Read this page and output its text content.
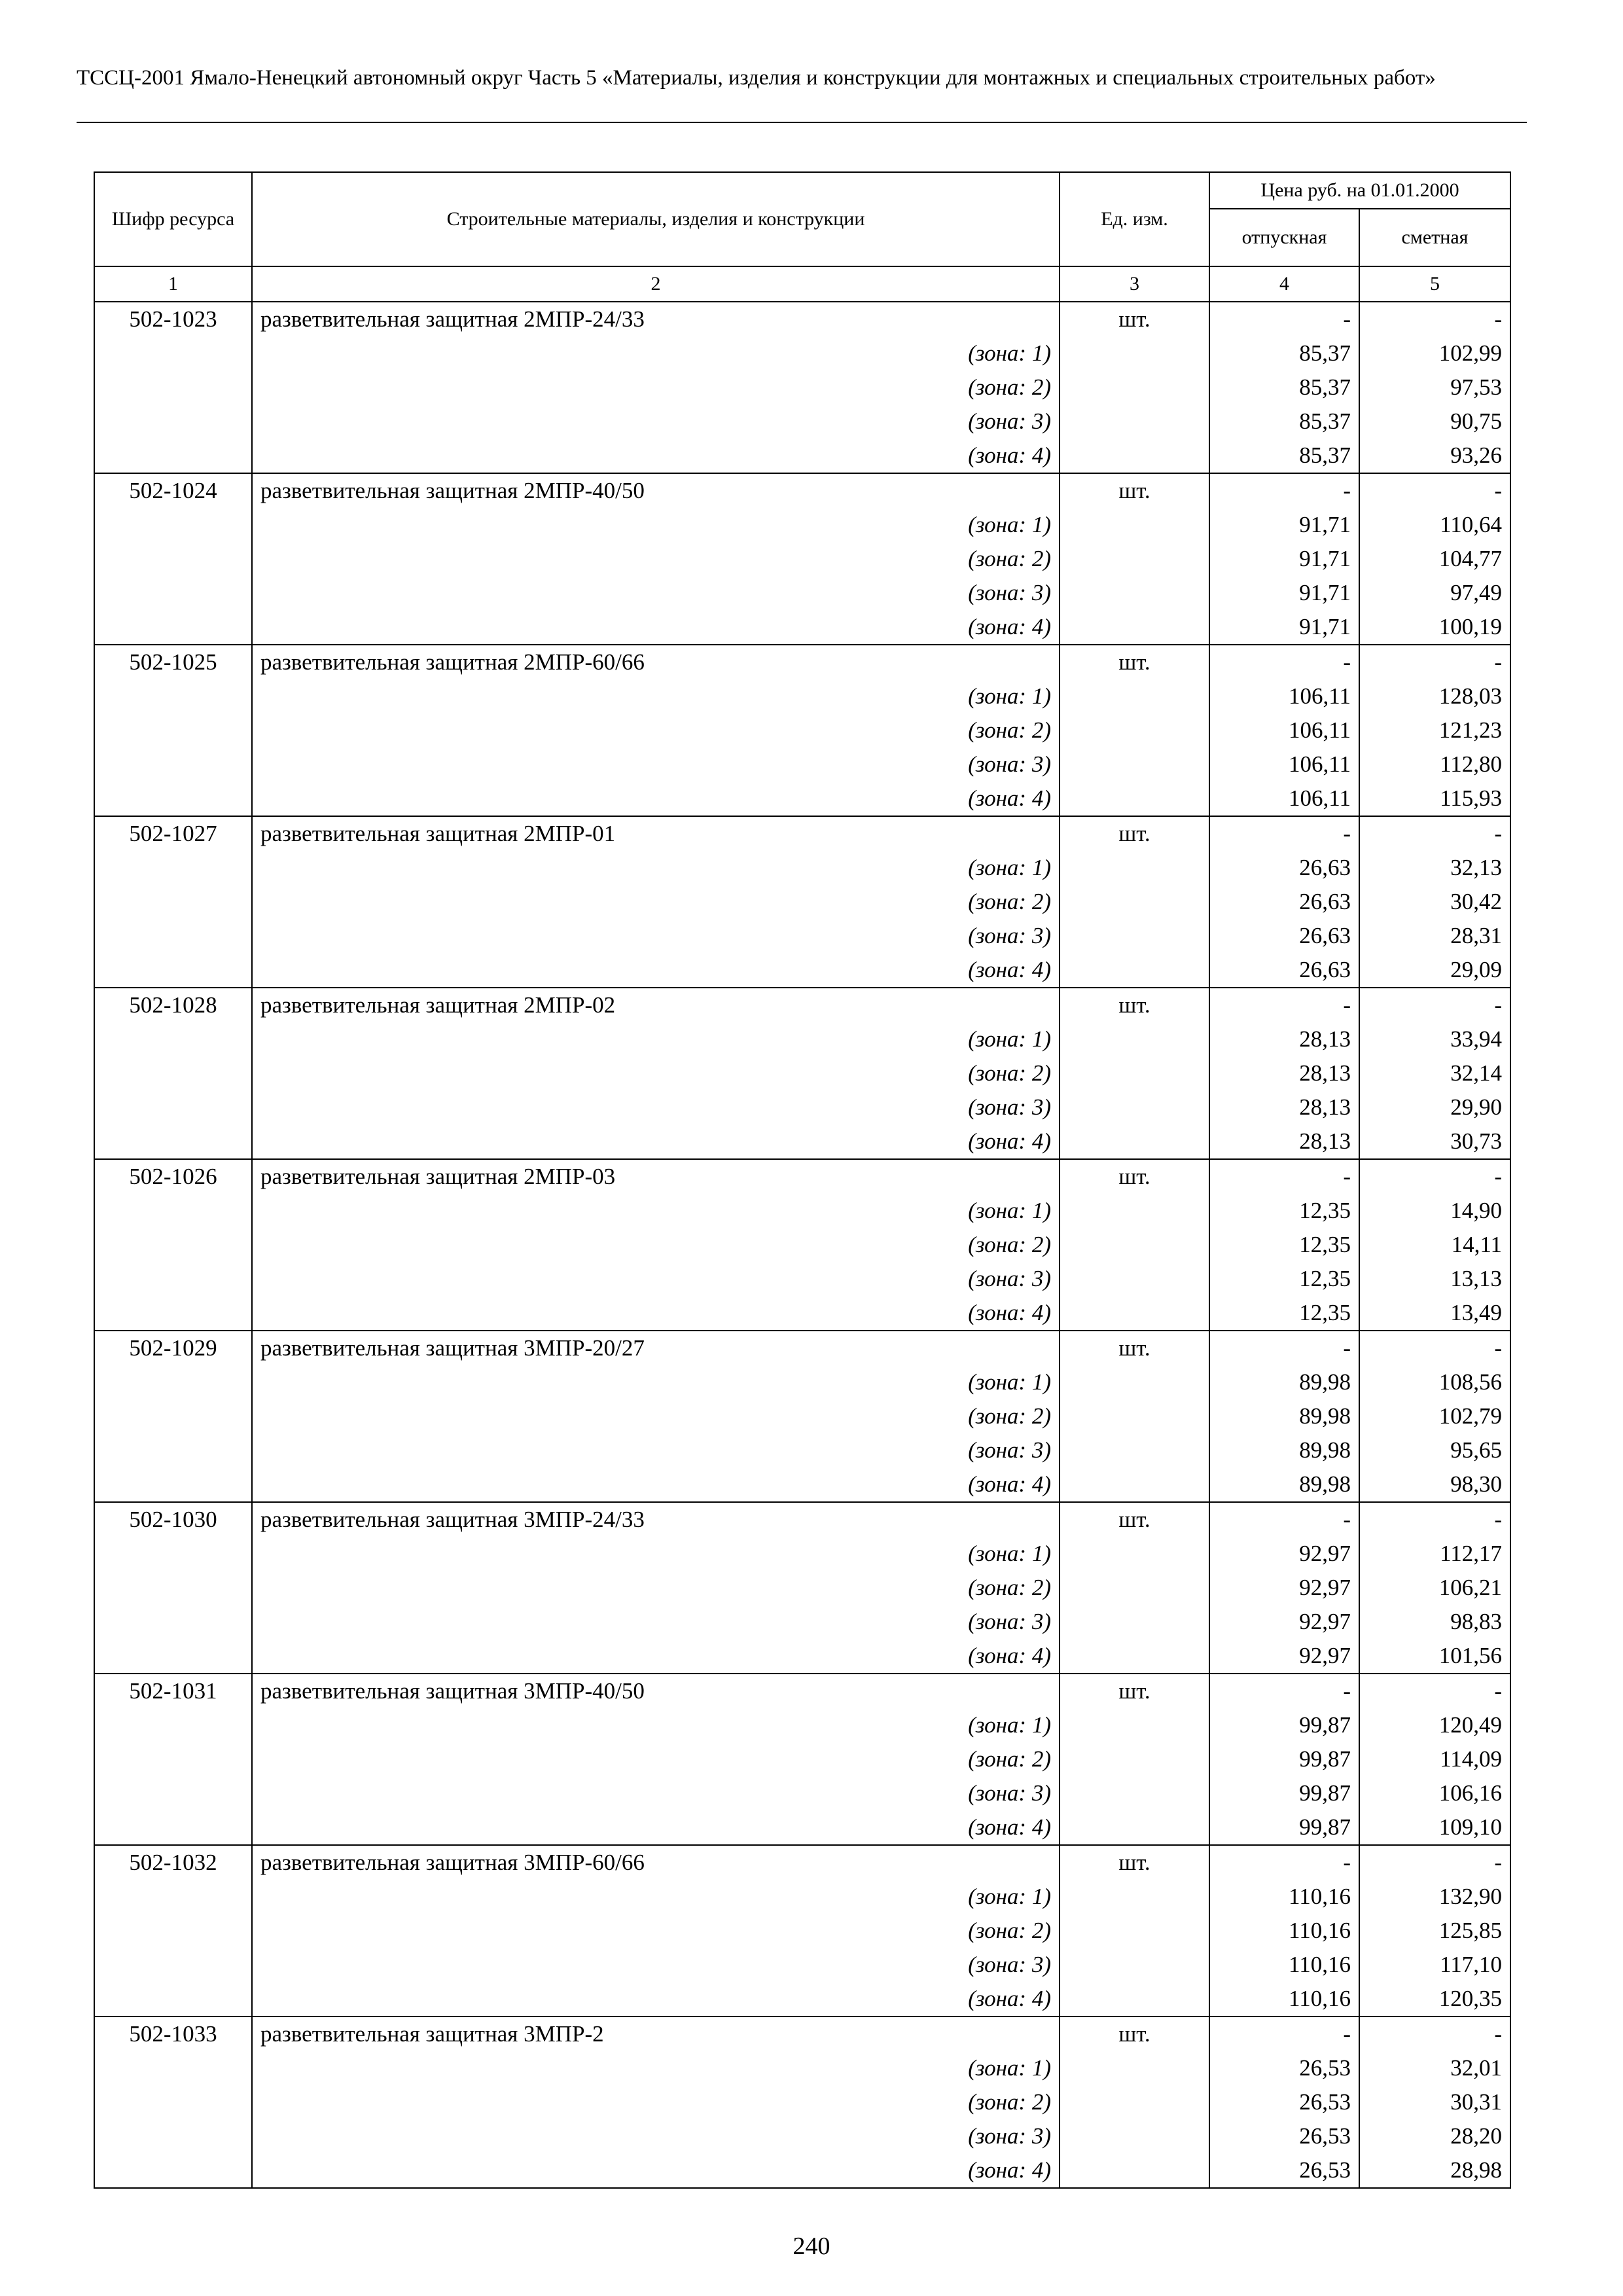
ТССЦ-2001 Ямало-Ненецкий автономный округ Часть 5 «Материалы, изделия и конструкции для монтажных и специальных строительных работ»
Шифр ресурса	Строительные материалы, изделия и конструкции	Ед. изм.	Цена руб. на 01.01.2000	
			отпускная	сметная
1	2	3	4	5
502-1023	разветвительная защитная 2МПР-24/33	шт.	-	-
	(зона: 1)		85,37	102,99
	(зона: 2)		85,37	97,53
	(зона: 3)		85,37	90,75
	(зона: 4)		85,37	93,26
502-1024	разветвительная защитная 2МПР-40/50	шт.	-	-
	(зона: 1)		91,71	110,64
	(зона: 2)		91,71	104,77
	(зона: 3)		91,71	97,49
	(зона: 4)		91,71	100,19
502-1025	разветвительная защитная 2МПР-60/66	шт.	-	-
	(зона: 1)		106,11	128,03
	(зона: 2)		106,11	121,23
	(зона: 3)		106,11	112,80
	(зона: 4)		106,11	115,93
502-1027	разветвительная защитная 2МПР-01	шт.	-	-
	(зона: 1)		26,63	32,13
	(зона: 2)		26,63	30,42
	(зона: 3)		26,63	28,31
	(зона: 4)		26,63	29,09
502-1028	разветвительная защитная 2МПР-02	шт.	-	-
	(зона: 1)		28,13	33,94
	(зона: 2)		28,13	32,14
	(зона: 3)		28,13	29,90
	(зона: 4)		28,13	30,73
502-1026	разветвительная защитная 2МПР-03	шт.	-	-
	(зона: 1)		12,35	14,90
	(зона: 2)		12,35	14,11
	(зона: 3)		12,35	13,13
	(зона: 4)		12,35	13,49
502-1029	разветвительная защитная 3МПР-20/27	шт.	-	-
	(зона: 1)		89,98	108,56
	(зона: 2)		89,98	102,79
	(зона: 3)		89,98	95,65
	(зона: 4)		89,98	98,30
502-1030	разветвительная защитная 3МПР-24/33	шт.	-	-
	(зона: 1)		92,97	112,17
	(зона: 2)		92,97	106,21
	(зона: 3)		92,97	98,83
	(зона: 4)		92,97	101,56
502-1031	разветвительная защитная 3МПР-40/50	шт.	-	-
	(зона: 1)		99,87	120,49
	(зона: 2)		99,87	114,09
	(зона: 3)		99,87	106,16
	(зона: 4)		99,87	109,10
502-1032	разветвительная защитная 3МПР-60/66	шт.	-	-
	(зона: 1)		110,16	132,90
	(зона: 2)		110,16	125,85
	(зона: 3)		110,16	117,10
	(зона: 4)		110,16	120,35
502-1033	разветвительная защитная 3МПР-2	шт.	-	-
	(зона: 1)		26,53	32,01
	(зона: 2)		26,53	30,31
	(зона: 3)		26,53	28,20
	(зона: 4)		26,53	28,98
240
